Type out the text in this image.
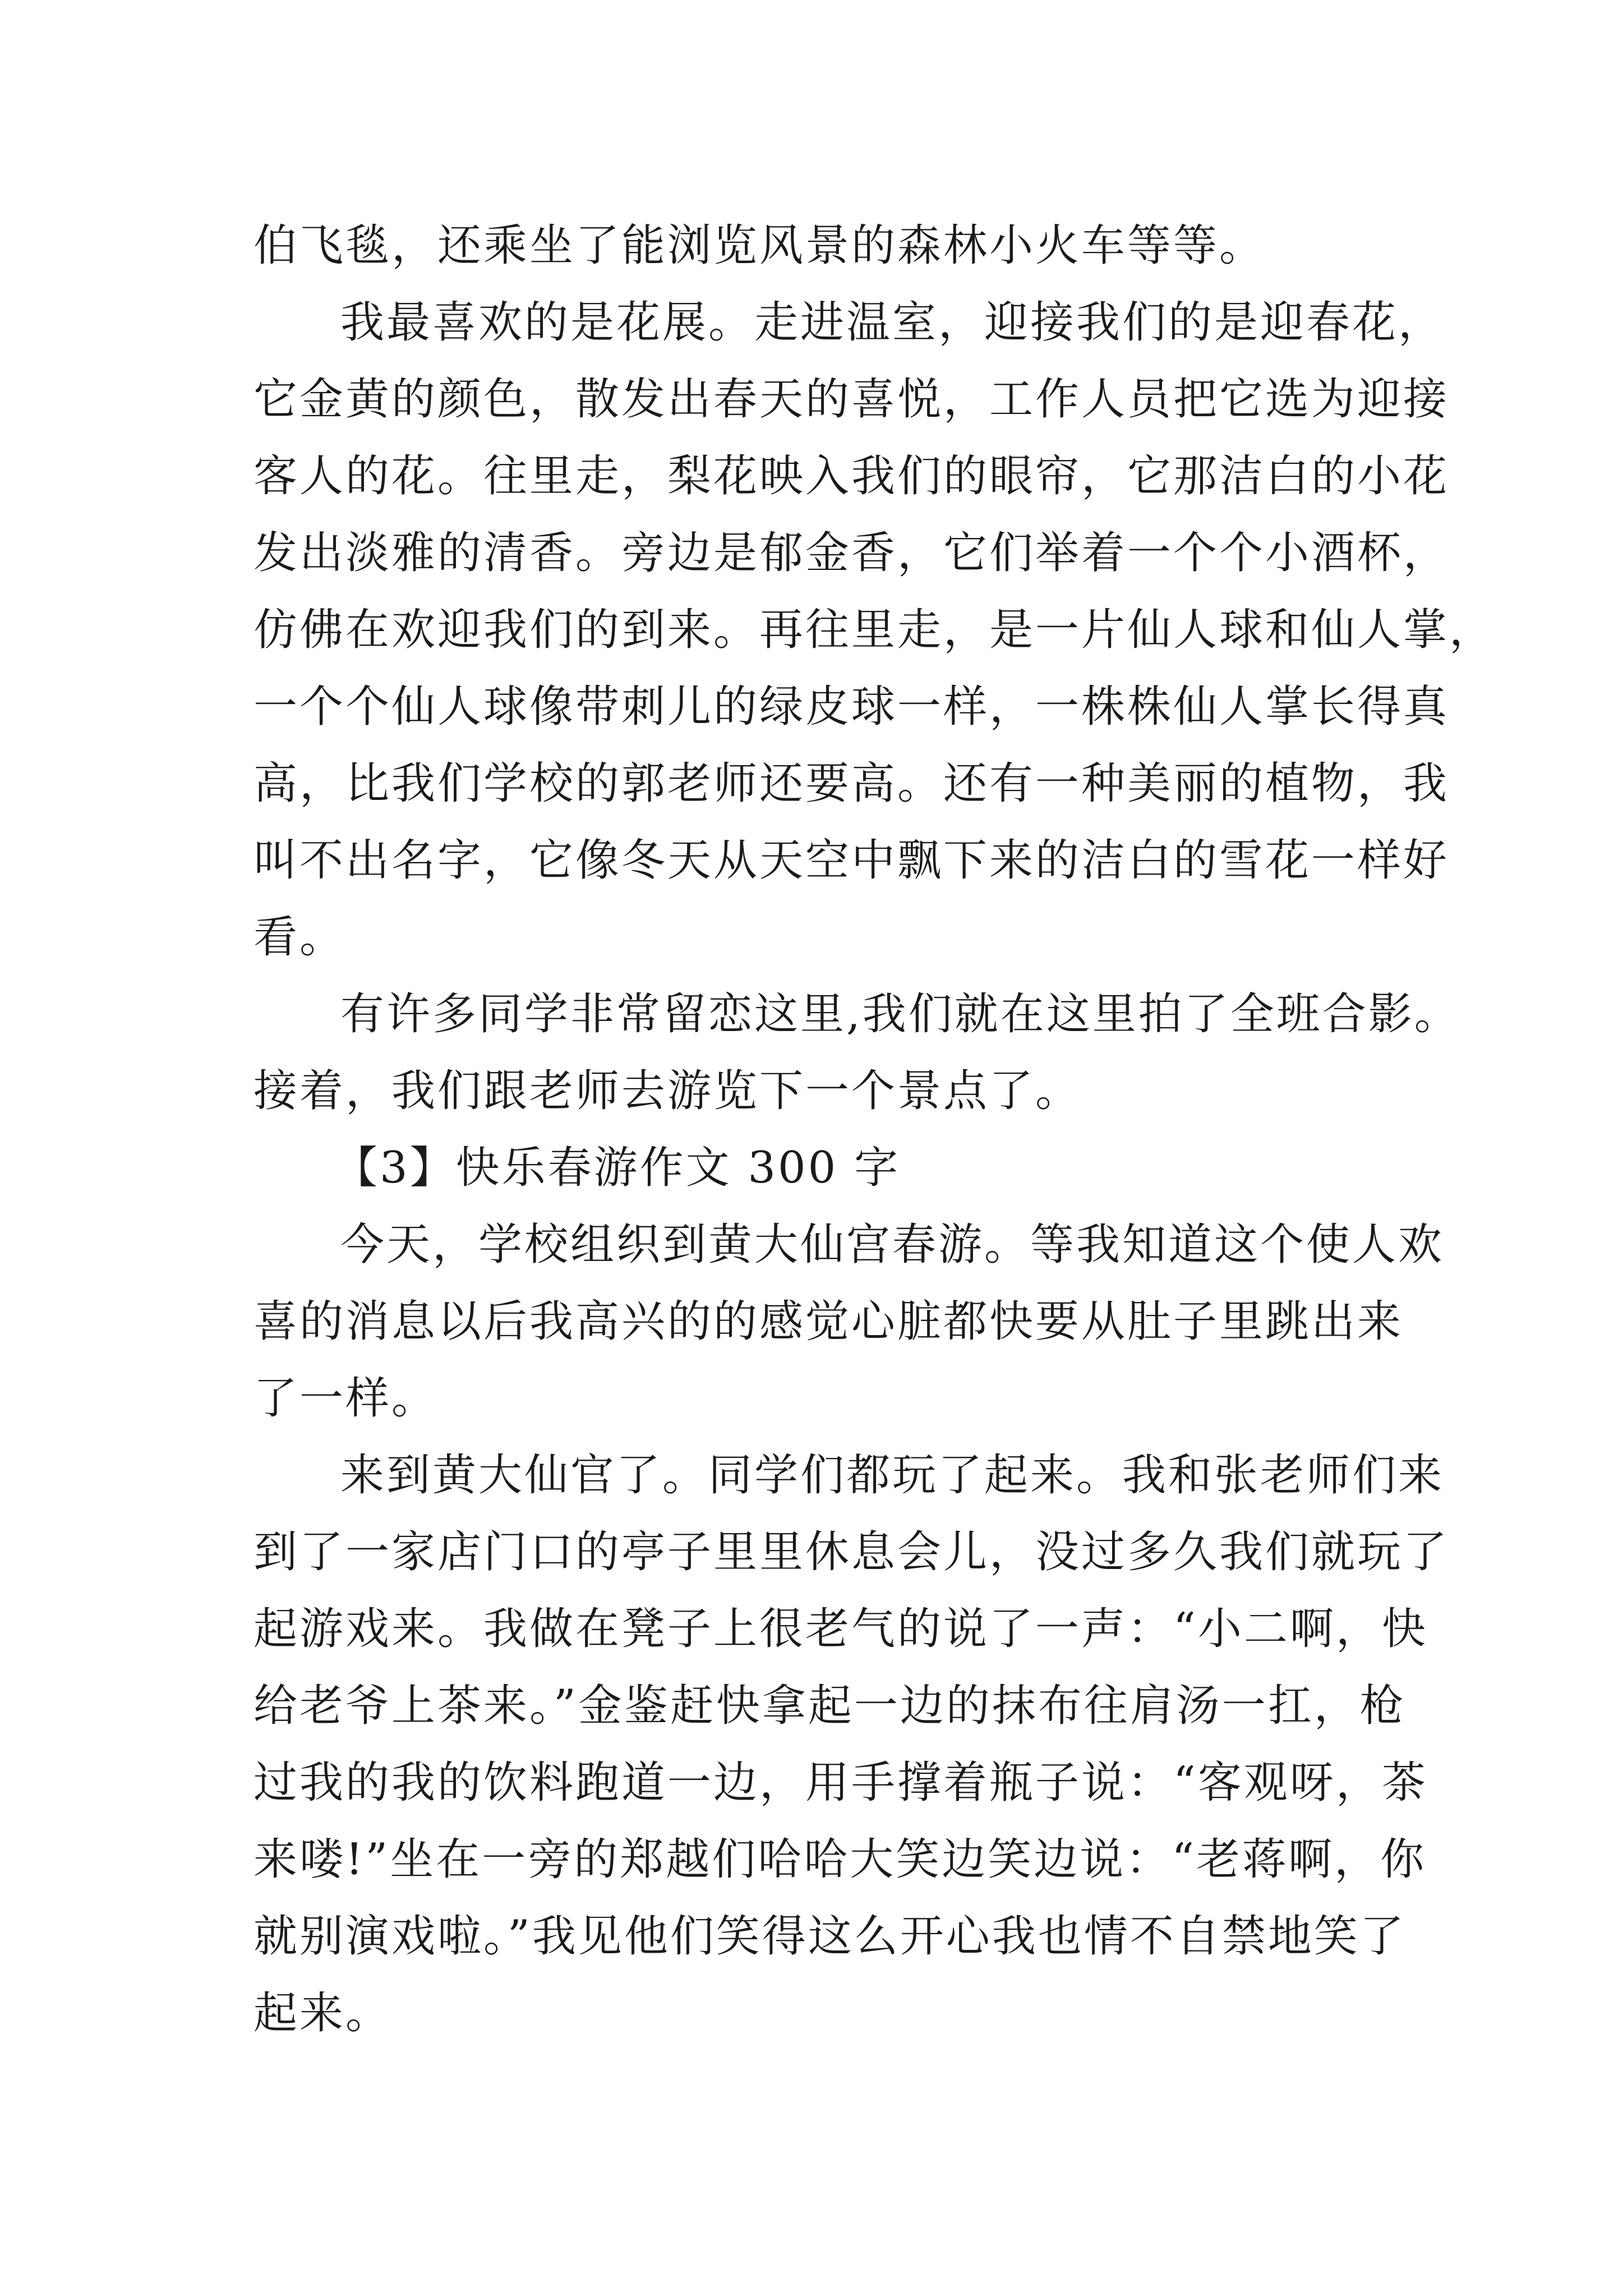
伯飞毯，还乘坐了能浏览风景的森林小火车等等。
我最喜欢的是花展。走进温室，迎接我们的是迎春花，
它金黄的颜色，散发出春天的喜悦，工作人员把它选为迎接
客人的花。往里走，梨花映入我们的眼帘，它那洁白的小花
发出淡雅的清香。旁边是郁金香，它们举着一个个小酒杯，
仿佛在欢迎我们的到来。再往里走，是一片仙人球和仙人掌，
一个个仙人球像带刺儿的绿皮球一样，一株株仙人掌长得真
高，比我们学校的郭老师还要高。还有一种美丽的植物，我
叫不出名字，它像冬天从天空中飘下来的洁白的雪花一样好
看。
有许多同学非常留恋这里,我们就在这里拍了全班合影。
接着，我们跟老师去游览下一个景点了。
【3】快乐春游作文 300 字
今天，学校组织到黄大仙宫春游。等我知道这个使人欢
喜的消息以后我高兴的的感觉心脏都快要从肚子里跳出来
了一样。
来到黄大仙官了。同学们都玩了起来。我和张老师们来
到了一家店门口的亭子里里休息会儿，没过多久我们就玩了
起游戏来。我做在凳子上很老气的说了一声：“小二啊，快
给老爷上茶来。”金鉴赶快拿起一边的抹布往肩汤一扛，枪
过我的我的饮料跑道一边，用手撑着瓶子说：“客观呀，茶
来喽!”坐在一旁的郑越们哈哈大笑边笑边说：“老蒋啊，你
就别演戏啦。”我见他们笑得这么开心我也情不自禁地笑了
起来。
